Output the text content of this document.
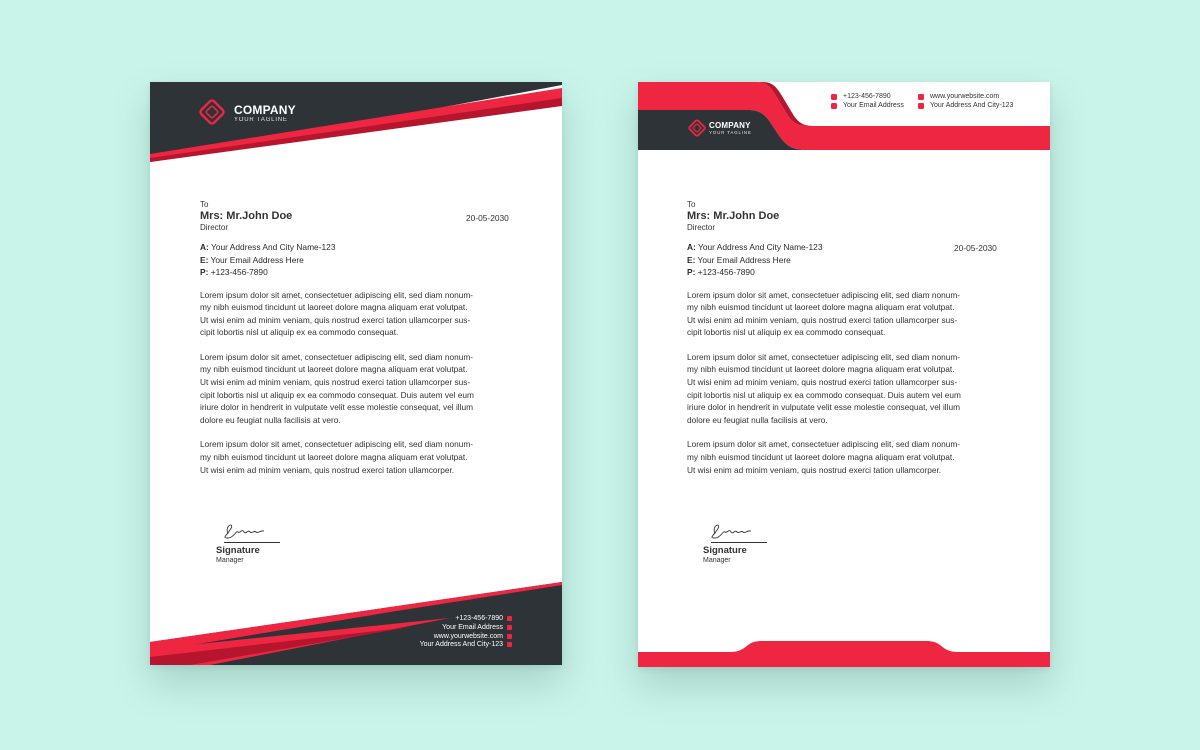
COMPANY
YOUR TAGLINE
To
Mrs: Mr.John Doe
Director
A: Your Address And City Name-123
E: Your Email Address Here
P: +123-456-7890
Lorem ipsum dolor sit amet, consectetuer adipiscing elit, sed diam nonum-
my nibh euismod tincidunt ut laoreet dolore magna aliquam erat volutpat.
Ut wisi enim ad minim veniam, quis nostrud exerci tation ullamcorper sus-
cipit lobortis nisl ut aliquip ex ea commodo consequat.
Lorem ipsum dolor sit amet, consectetuer adipiscing elit, sed diam nonum-
my nibh euismod tincidunt ut laoreet dolore magna aliquam erat volutpat.
Ut wisi enim ad minim veniam, quis nostrud exerci tation ullamcorper sus-
cipit lobortis nisl ut aliquip ex ea commodo consequat. Duis autem vel eum
iriure dolor in hendrerit in vulputate velit esse molestie consequat, vel illum
dolore eu feugiat nulla facilisis at vero.
Lorem ipsum dolor sit amet, consectetuer adipiscing elit, sed diam nonum-
my nibh euismod tincidunt ut laoreet dolore magna aliquam erat volutpat.
Ut wisi enim ad minim veniam, quis nostrud exerci tation ullamcorper.
20-05-2030
Signature
Manager
+123-456-7890
Your Email Address
www.yourwebsite.com
Your Address And City-123
COMPANY
YOUR TAGLINE
+123-456-7890
Your Email Address
www.yourwebsite.com
Your Address And City-123
To
Mrs: Mr.John Doe
Director
A: Your Address And City Name-123
E: Your Email Address Here
P: +123-456-7890
Lorem ipsum dolor sit amet, consectetuer adipiscing elit, sed diam nonum-
my nibh euismod tincidunt ut laoreet dolore magna aliquam erat volutpat.
Ut wisi enim ad minim veniam, quis nostrud exerci tation ullamcorper sus-
cipit lobortis nisl ut aliquip ex ea commodo consequat.
Lorem ipsum dolor sit amet, consectetuer adipiscing elit, sed diam nonum-
my nibh euismod tincidunt ut laoreet dolore magna aliquam erat volutpat.
Ut wisi enim ad minim veniam, quis nostrud exerci tation ullamcorper sus-
cipit lobortis nisl ut aliquip ex ea commodo consequat. Duis autem vel eum
iriure dolor in hendrerit in vulputate velit esse molestie consequat, vel illum
dolore eu feugiat nulla facilisis at vero.
Lorem ipsum dolor sit amet, consectetuer adipiscing elit, sed diam nonum-
my nibh euismod tincidunt ut laoreet dolore magna aliquam erat volutpat.
Ut wisi enim ad minim veniam, quis nostrud exerci tation ullamcorper.
20-05-2030
Signature
Manager
